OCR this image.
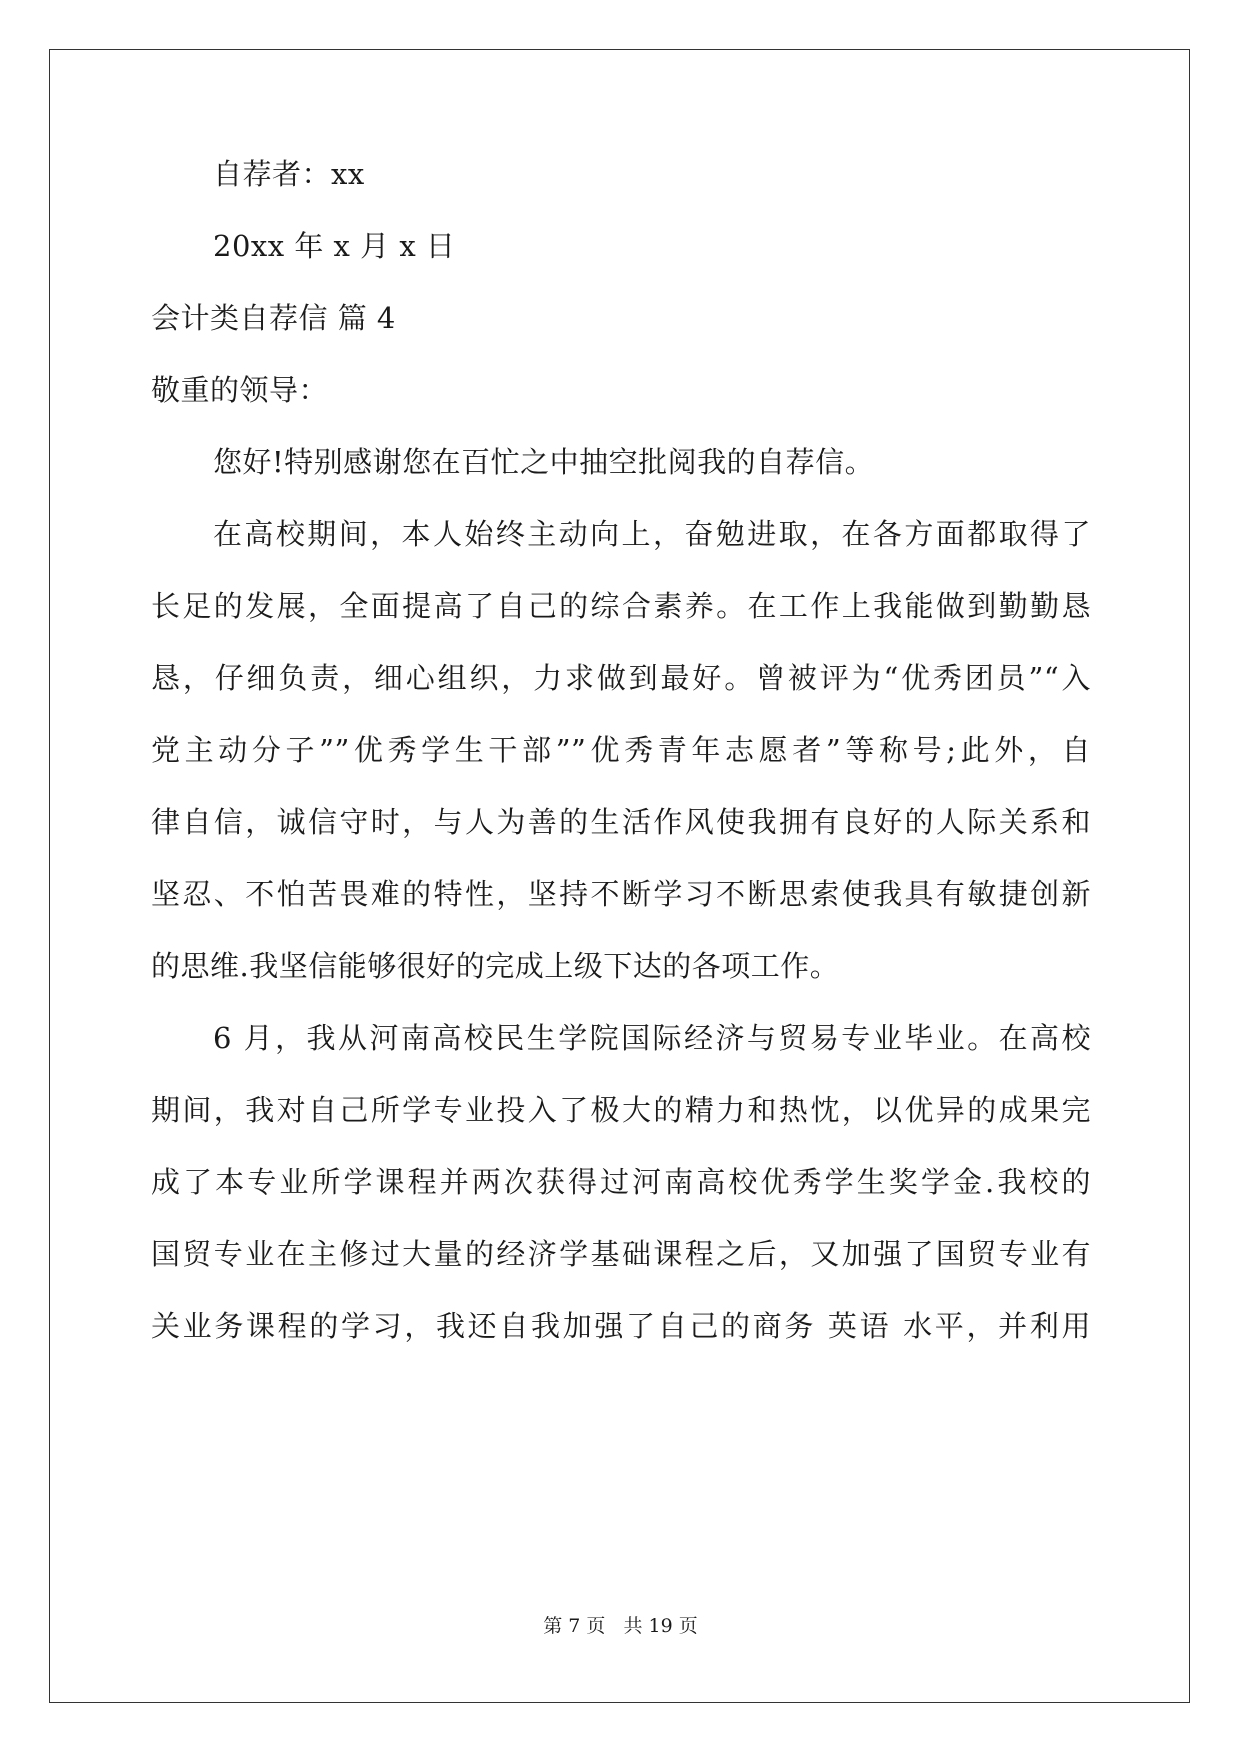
自荐者：xx
20xx 年 x 月 x 日
会计类自荐信 篇 4
敬重的领导：
您好!特别感谢您在百忙之中抽空批阅我的自荐信。
在高校期间，本人始终主动向上，奋勉进取，在各方面都取得了
长足的发展，全面提高了自己的综合素养。在工作上我能做到勤勤恳
恳，仔细负责，细心组织，力求做到最好。曾被评为“优秀团员”“入
党主动分子””优秀学生干部””优秀青年志愿者”等称号;此外，自
律自信，诚信守时，与人为善的生活作风使我拥有良好的人际关系和
坚忍、不怕苦畏难的特性，坚持不断学习不断思索使我具有敏捷创新
的思维.我坚信能够很好的完成上级下达的各项工作。
6 月，我从河南高校民生学院国际经济与贸易专业毕业。在高校
期间，我对自己所学专业投入了极大的精力和热忱，以优异的成果完
成了本专业所学课程并两次获得过河南高校优秀学生奖学金.我校的
国贸专业在主修过大量的经济学基础课程之后，又加强了国贸专业有
关业务课程的学习，我还自我加强了自己的商务 英语 水平，并利用
第 7 页 共 19 页
